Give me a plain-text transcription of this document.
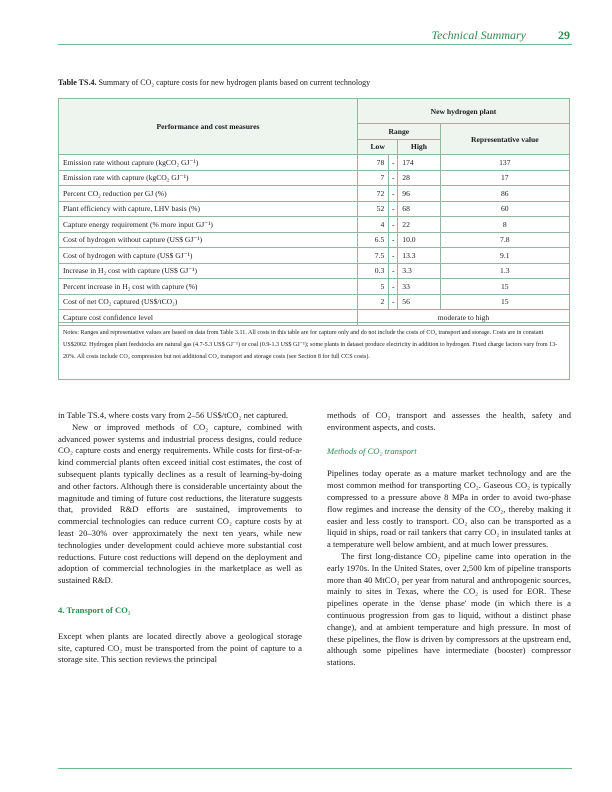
Technical Summary	29
Table TS.4. Summary of CO₂ capture costs for new hydrogen plants based on current technology
Performance and cost measures	New hydrogen plant			
	Range			Representative value
	Low		High	
Emission rate without capture (kgCO₂ GJ⁻¹)	78	-	174	137
Emission rate with capture (kgCO₂ GJ⁻¹)	7	-	28	17
Percent CO₂ reduction per GJ (%)	72	-	96	86
Plant efficiency with capture, LHV basis (%)	52	-	68	60
Capture energy requirement (% more input GJ⁻¹)	4	-	22	8
Cost of hydrogen without capture (US$ GJ⁻¹)	6.5	-	10.0	7.8
Cost of hydrogen with capture (US$ GJ⁻¹)	7.5	-	13.3	9.1
Increase in H₂ cost with capture (US$ GJ⁻¹)	0.3	-	3.3	1.3
Percent increase in H₂ cost with capture (%)	5	-	33	15
Cost of net CO₂ captured (US$/tCO₂)	2	-	56	15
Capture cost confidence level	moderate to high			
Notes: Ranges and representative values are based on data from Table 3.11. All costs in this table are for capture only and do not include the costs of CO₂ transport and storage. Costs are in constant US$2002. Hydrogen plant feedstocks are natural gas (4.7-5.3 US$ GJ⁻¹) or coal (0.9-1.3 US$ GJ⁻¹); some plants in dataset produce electricity in addition to hydrogen. Fixed charge factors vary from 13-20%. All costs include CO₂ compression but not additional CO₂ transport and storage costs (see Section 8 for full CCS costs).

in Table TS.4, where costs vary from 2–56 US$/tCO₂ net captured.

New or improved methods of CO₂ capture, combined with advanced power systems and industrial process designs, could reduce CO₂ capture costs and energy requirements. While costs for first-of-a-kind commercial plants often exceed initial cost estimates, the cost of subsequent plants typically declines as a result of learning-by-doing and other factors. Although there is considerable uncertainty about the magnitude and timing of future cost reductions, the literature suggests that, provided R&D efforts are sustained, improvements to commercial technologies can reduce current CO₂ capture costs by at least 20–30% over approximately the next ten years, while new technologies under development could achieve more substantial cost reductions. Future cost reductions will depend on the deployment and adoption of commercial technologies in the marketplace as well as sustained R&D.

4. Transport of CO₂

Except when plants are located directly above a geological storage site, captured CO₂ must be transported from the point of capture to a storage site. This section reviews the principal

methods of CO₂ transport and assesses the health, safety and environment aspects, and costs.

Methods of CO₂ transport

Pipelines today operate as a mature market technology and are the most common method for transporting CO₂. Gaseous CO₂ is typically compressed to a pressure above 8 MPa in order to avoid two-phase flow regimes and increase the density of the CO₂, thereby making it easier and less costly to transport. CO₂ also can be transported as a liquid in ships, road or rail tankers that carry CO₂ in insulated tanks at a temperature well below ambient, and at much lower pressures.

The first long-distance CO₂ pipeline came into operation in the early 1970s. In the United States, over 2,500 km of pipeline transports more than 40 MtCO₂ per year from natural and anthropogenic sources, mainly to sites in Texas, where the CO₂ is used for EOR. These pipelines operate in the 'dense phase' mode (in which there is a continuous progression from gas to liquid, without a distinct phase change), and at ambient temperature and high pressure. In most of these pipelines, the flow is driven by compressors at the upstream end, although some pipelines have intermediate (booster) compressor stations.
